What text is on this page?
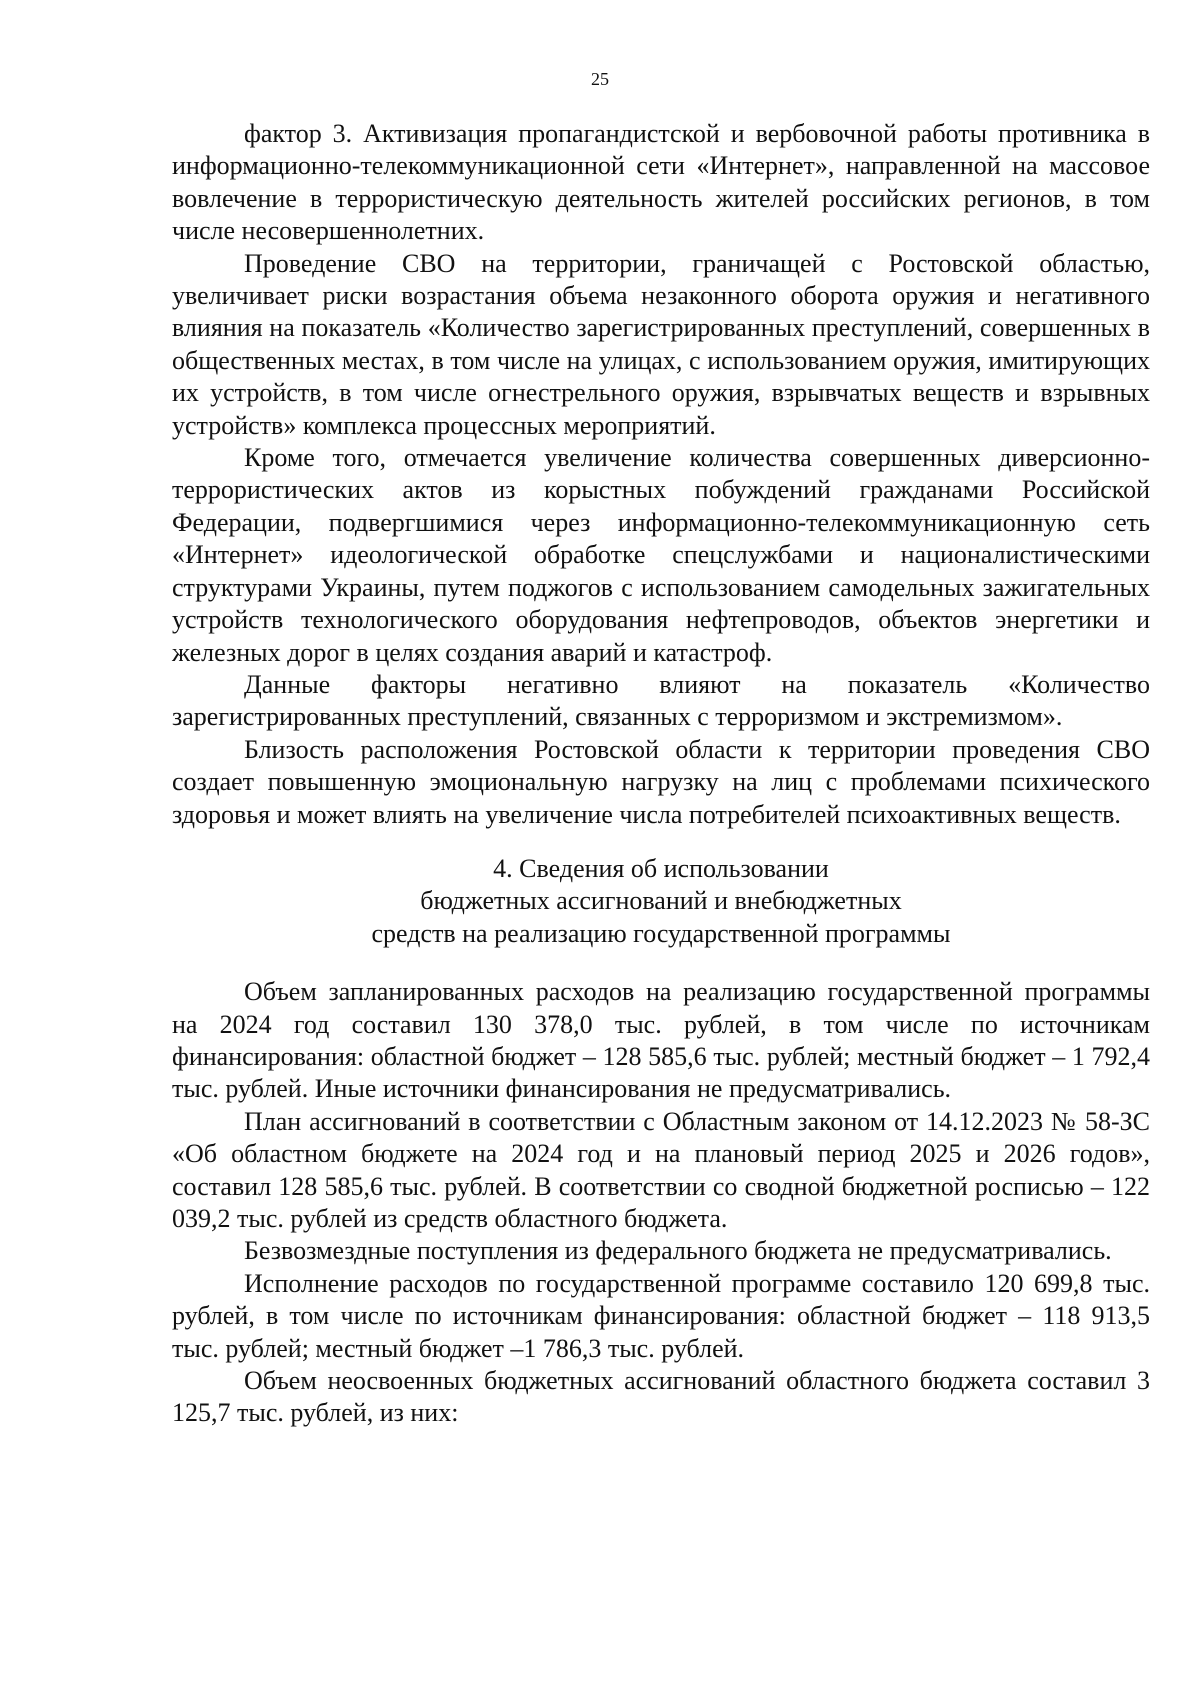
25

фактор 3. Активизация пропагандистской и вербовочной работы противника в информационно-телекоммуникационной сети «Интернет», направленной на массовое вовлечение в террористическую деятельность жителей российских регионов, в том числе несовершеннолетних.

Проведение СВО на территории, граничащей с Ростовской областью, увеличивает риски возрастания объема незаконного оборота оружия и негативного влияния на показатель «Количество зарегистрированных преступлений, совершенных в общественных местах, в том числе на улицах, с использованием оружия, имитирующих их устройств, в том числе огнестрельного оружия, взрывчатых веществ и взрывных устройств» комплекса процессных мероприятий.

Кроме того, отмечается увеличение количества совершенных диверсионно-террористических актов из корыстных побуждений гражданами Российской Федерации, подвергшимися через информационно-телекоммуникационную сеть «Интернет» идеологической обработке спецслужбами и националистическими структурами Украины, путем поджогов с использованием самодельных зажигательных устройств технологического оборудования нефтепроводов, объектов энергетики и железных дорог в целях создания аварий и катастроф.

Данные факторы негативно влияют на показатель «Количество зарегистрированных преступлений, связанных с терроризмом и экстремизмом».

Близость расположения Ростовской области к территории проведения СВО создает повышенную эмоциональную нагрузку на лиц с проблемами психического здоровья и может влиять на увеличение числа потребителей психоактивных веществ.

4. Сведения об использовании
бюджетных ассигнований и внебюджетных
средств на реализацию государственной программы

Объем запланированных расходов на реализацию государственной программы на 2024 год составил 130 378,0 тыс. рублей, в том числе по источникам финансирования: областной бюджет – 128 585,6 тыс. рублей; местный бюджет – 1 792,4 тыс. рублей. Иные источники финансирования не предусматривались.

План ассигнований в соответствии с Областным законом от 14.12.2023 № 58-ЗС «Об областном бюджете на 2024 год и на плановый период 2025 и 2026 годов», составил 128 585,6 тыс. рублей. В соответствии со сводной бюджетной росписью – 122 039,2 тыс. рублей из средств областного бюджета.

Безвозмездные поступления из федерального бюджета не предусматривались.

Исполнение расходов по государственной программе составило 120 699,8 тыс. рублей, в том числе по источникам финансирования: областной бюджет – 118 913,5 тыс. рублей; местный бюджет –1 786,3 тыс. рублей.

Объем неосвоенных бюджетных ассигнований областного бюджета составил 3 125,7 тыс. рублей, из них:
